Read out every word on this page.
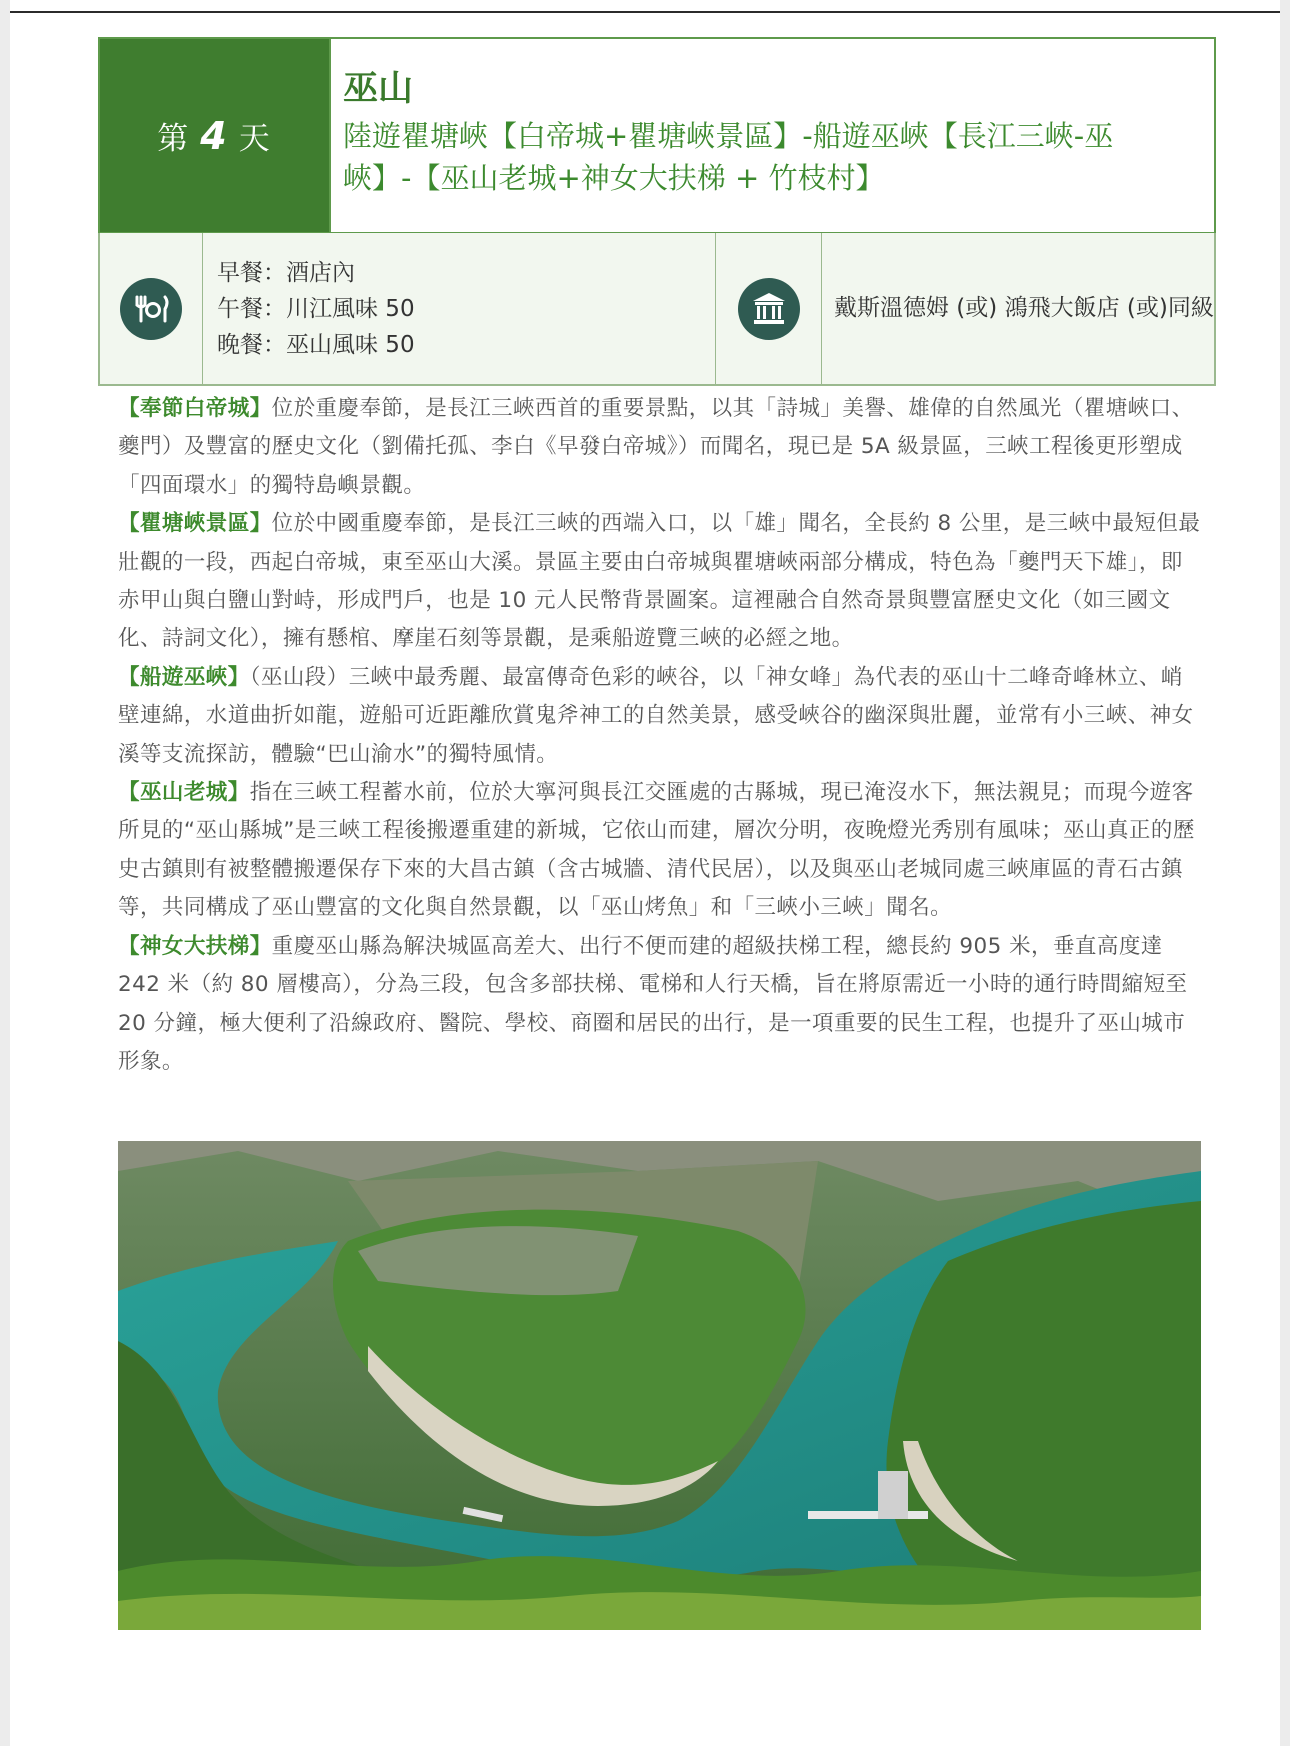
第 4 天
巫山
陸遊瞿塘峽【白帝城+瞿塘峽景區】-船遊巫峽【長江三峽-巫峽】-【巫山老城+神女大扶梯 + 竹枝村】
早餐：酒店內
午餐：川江風味 50
晚餐：巫山風味 50
戴斯溫德姆 (或) 鴻飛大飯店 (或)同級

【奉節白帝城】位於重慶奉節，是長江三峽西首的重要景點，以其「詩城」美譽、雄偉的自然風光（瞿塘峽口、夔門）及豐富的歷史文化（劉備托孤、李白《早發白帝城》）而聞名，現已是 5A 級景區，三峽工程後更形塑成「四面環水」的獨特島嶼景觀。

【瞿塘峽景區】位於中國重慶奉節，是長江三峽的西端入口，以「雄」聞名，全長約 8 公里，是三峽中最短但最壯觀的一段，西起白帝城，東至巫山大溪。景區主要由白帝城與瞿塘峽兩部分構成，特色為「夔門天下雄」，即赤甲山與白鹽山對峙，形成門戶，也是 10 元人民幣背景圖案。這裡融合自然奇景與豐富歷史文化（如三國文化、詩詞文化），擁有懸棺、摩崖石刻等景觀，是乘船遊覽三峽的必經之地。

【船遊巫峽】（巫山段）三峽中最秀麗、最富傳奇色彩的峽谷，以「神女峰」為代表的巫山十二峰奇峰林立、峭壁連綿，水道曲折如龍，遊船可近距離欣賞鬼斧神工的自然美景，感受峽谷的幽深與壯麗，並常有小三峽、神女溪等支流探訪，體驗“巴山渝水”的獨特風情。

【巫山老城】指在三峽工程蓄水前，位於大寧河與長江交匯處的古縣城，現已淹沒水下，無法親見；而現今遊客所見的“巫山縣城”是三峽工程後搬遷重建的新城，它依山而建，層次分明，夜晚燈光秀別有風味；巫山真正的歷史古鎮則有被整體搬遷保存下來的大昌古鎮（含古城牆、清代民居），以及與巫山老城同處三峽庫區的青石古鎮等，共同構成了巫山豐富的文化與自然景觀，以「巫山烤魚」和「三峽小三峽」聞名。

【神女大扶梯】重慶巫山縣為解決城區高差大、出行不便而建的超級扶梯工程，總長約 905 米，垂直高度達 242 米（約 80 層樓高），分為三段，包含多部扶梯、電梯和人行天橋，旨在將原需近一小時的通行時間縮短至 20 分鐘，極大便利了沿線政府、醫院、學校、商圈和居民的出行，是一項重要的民生工程，也提升了巫山城市形象。
